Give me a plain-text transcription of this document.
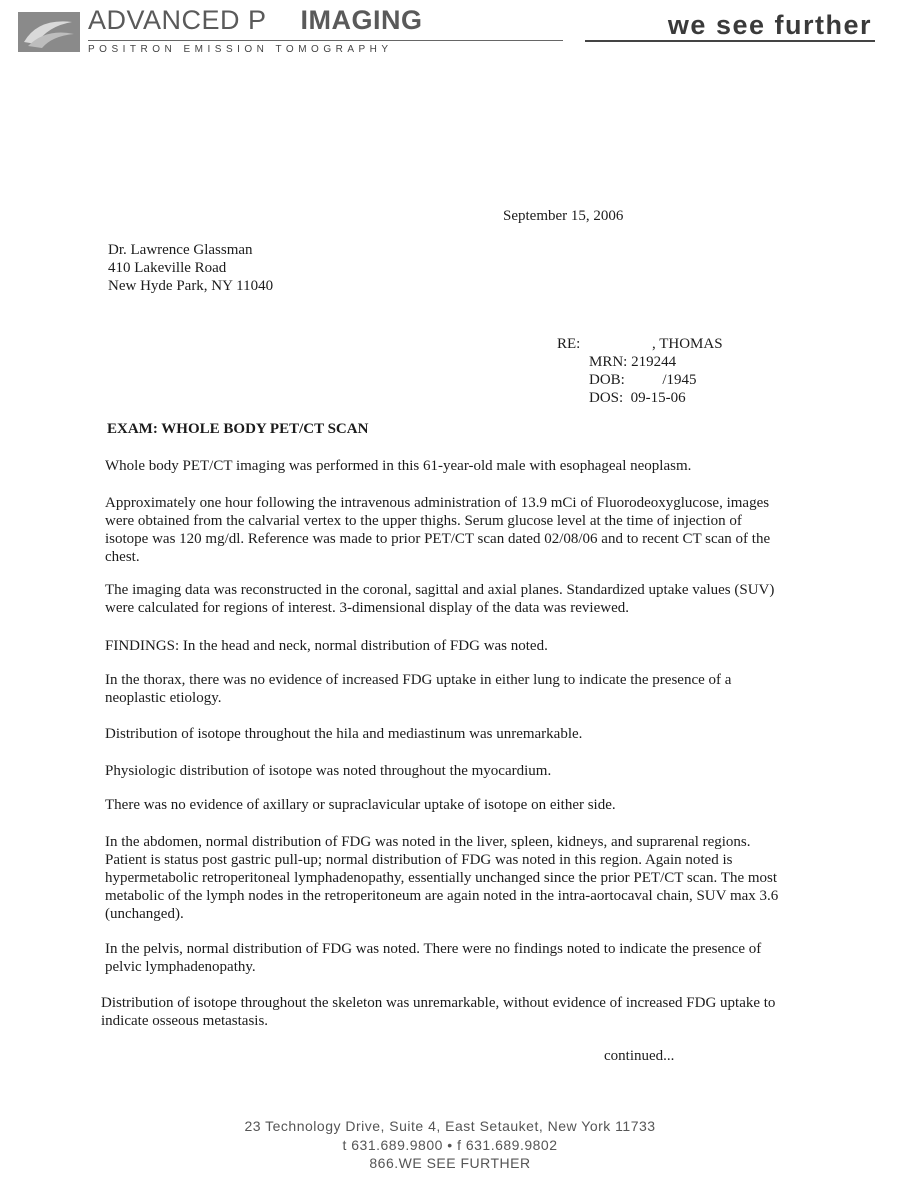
ADVANCED P IMAGING
POSITRON EMISSION TOMOGRAPHY
we see further
September 15, 2006
Dr. Lawrence Glassman
410 Lakeville Road
New Hyde Park, NY 11040
RE:	, THOMAS
MRN: 219244
DOB:          /1945
DOS:  09-15-06
EXAM: WHOLE BODY PET/CT SCAN
Whole body PET/CT imaging was performed in this 61-year-old male with esophageal neoplasm.
Approximately one hour following the intravenous administration of 13.9 mCi of Fluorodeoxyglucose, images were obtained from the calvarial vertex to the upper thighs. Serum glucose level at the time of injection of isotope was 120 mg/dl. Reference was made to prior PET/CT scan dated 02/08/06 and to recent CT scan of the chest.
The imaging data was reconstructed in the coronal, sagittal and axial planes. Standardized uptake values (SUV) were calculated for regions of interest. 3-dimensional display of the data was reviewed.
FINDINGS: In the head and neck, normal distribution of FDG was noted.
In the thorax, there was no evidence of increased FDG uptake in either lung to indicate the presence of a neoplastic etiology.
Distribution of isotope throughout the hila and mediastinum was unremarkable.
Physiologic distribution of isotope was noted throughout the myocardium.
There was no evidence of axillary or supraclavicular uptake of isotope on either side.
In the abdomen, normal distribution of FDG was noted in the liver, spleen, kidneys, and suprarenal regions. Patient is status post gastric pull-up; normal distribution of FDG was noted in this region. Again noted is hypermetabolic retroperitoneal lymphadenopathy, essentially unchanged since the prior PET/CT scan. The most metabolic of the lymph nodes in the retroperitoneum are again noted in the intra-aortocaval chain, SUV max 3.6 (unchanged).
In the pelvis, normal distribution of FDG was noted. There were no findings noted to indicate the presence of pelvic lymphadenopathy.
Distribution of isotope throughout the skeleton was unremarkable, without evidence of increased FDG uptake to indicate osseous metastasis.
continued...
23 Technology Drive, Suite 4, East Setauket, New York 11733
t 631.689.9800 • f 631.689.9802
866.WE SEE FURTHER
